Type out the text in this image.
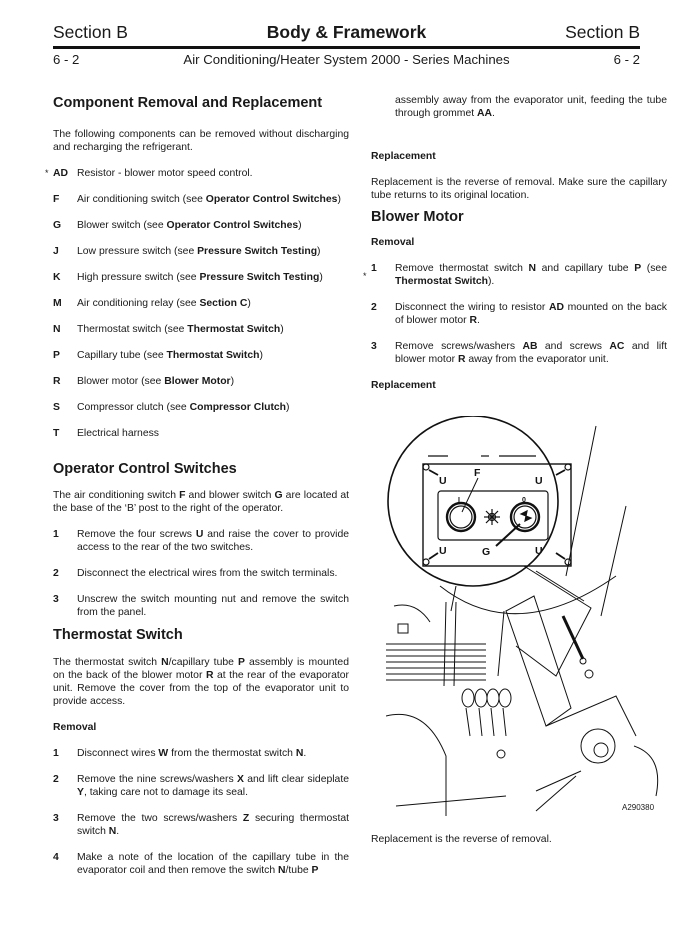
Section B	Body & Framework	Section B
6 - 2	Air Conditioning/Heater System 2000 - Series Machines	6 - 2
Component Removal and Replacement

The following components can be removed without discharging and recharging the refrigerant.

* AD Resistor - blower motor speed control.
F Air conditioning switch (see Operator Control Switches)
G Blower switch (see Operator Control Switches)
J Low pressure switch (see Pressure Switch Testing)
K High pressure switch (see Pressure Switch Testing)
M Air conditioning relay (see Section C)
N Thermostat switch (see Thermostat Switch)
P Capillary tube (see Thermostat Switch)
R Blower motor (see Blower Motor)
S Compressor clutch (see Compressor Clutch)
T Electrical harness
Operator Control Switches

The air conditioning switch F and blower switch G are located at the base of the ‘B’ post to the right of the operator.

1 Remove the four screws U and raise the cover to provide access to the rear of the two switches.
2 Disconnect the electrical wires from the switch terminals.
3 Unscrew the switch mounting nut and remove the switch from the panel.
Thermostat Switch

The thermostat switch N/capillary tube P assembly is mounted on the back of the blower motor R at the rear of the evaporator unit. Remove the cover from the top of the evaporator unit to provide access.

Removal
1 Disconnect wires W from the thermostat switch N.
2 Remove the nine screws/washers X and lift clear sideplate Y, taking care not to damage its seal.
3 Remove the two screws/washers Z securing thermostat switch N.
4 Make a note of the location of the capillary tube in the evaporator coil and then remove the switch N/tube P

assembly away from the evaporator unit, feeding the tube through grommet AA.

Replacement

Replacement is the reverse of removal. Make sure the capillary tube returns to its original location.

Blower Motor
Removal
*
1 Remove thermostat switch N and capillary tube P (see Thermostat Switch).
2 Disconnect the wiring to resistor AD mounted on the back of blower motor R.
3 Remove screws/washers AB and screws AC and lift blower motor R away from the evaporator unit.
Replacement
U	U
U	U
F
G
I	0
A290380
Replacement is the reverse of removal.
